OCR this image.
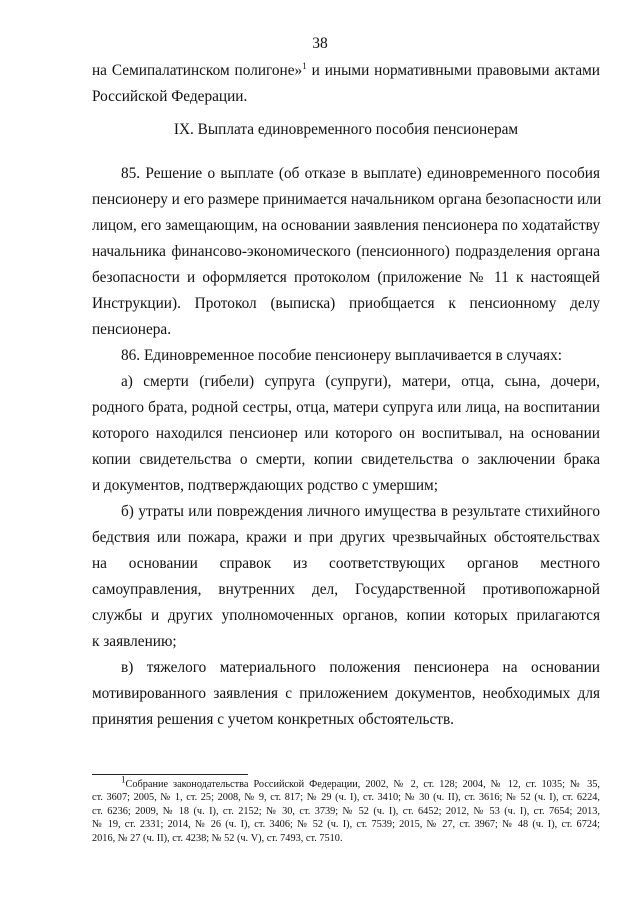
38
на Семипалатинском полигоне»$^1$ и иными нормативными правовыми актами
Российской Федерации.
IX. Выплата единовременного пособия пенсионерам
85. Решение о выплате (об отказе в выплате) единовременного пособия
пенсионеру и его размере принимается начальником органа безопасности или
лицом, его замещающим, на основании заявления пенсионера по ходатайству
начальника финансово-экономического (пенсионного) подразделения органа
безопасности и оформляется протоколом (приложение № 11 к настоящей
Инструкции). Протокол (выписка) приобщается к пенсионному делу
пенсионера.
86. Единовременное пособие пенсионеру выплачивается в случаях:
а) смерти (гибели) супруга (супруги), матери, отца, сына, дочери,
родного брата, родной сестры, отца, матери супруга или лица, на воспитании
которого находился пенсионер или которого он воспитывал, на основании
копии свидетельства о смерти, копии свидетельства о заключении брака
и документов, подтверждающих родство с умершим;
б) утраты или повреждения личного имущества в результате стихийного
бедствия или пожара, кражи и при других чрезвычайных обстоятельствах
на основании справок из соответствующих органов местного
самоуправления, внутренних дел, Государственной противопожарной
службы и других уполномоченных органов, копии которых прилагаются
к заявлению;
в) тяжелого материального положения пенсионера на основании
мотивированного заявления с приложением документов, необходимых для
принятия решения с учетом конкретных обстоятельств.
$^1$Собрание законодательства Российской Федерации, 2002, № 2, ст. 128; 2004, № 12, ст. 1035; № 35,
ст. 3607; 2005, № 1, ст. 25; 2008, № 9, ст. 817; № 29 (ч. I), ст. 3410; № 30 (ч. II), ст. 3616; № 52 (ч. I), ст. 6224,
ст. 6236; 2009, № 18 (ч. I), ст. 2152; № 30, ст. 3739; № 52 (ч. I), ст. 6452; 2012, № 53 (ч. I), ст. 7654; 2013,
№ 19, ст. 2331; 2014, № 26 (ч. I), ст. 3406; № 52 (ч. I), ст. 7539; 2015, № 27, ст. 3967; № 48 (ч. I), ст. 6724;
2016, № 27 (ч. II), ст. 4238; № 52 (ч. V), ст. 7493, ст. 7510.
